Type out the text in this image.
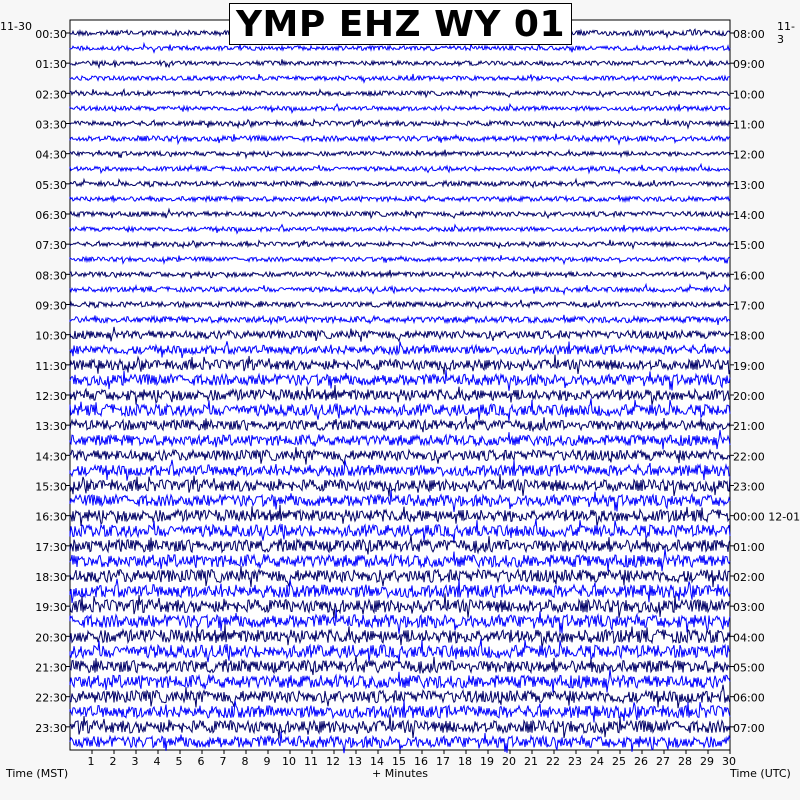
1 2 3 4 5 6 7 8 9 10 11 12 13 14 15 16 17 18 19 20 21 22 23 24 25 26 27 28 29 30
00:30
01:30
02:30
03:30
04:30
05:30
06:30
07:30
08:30
09:30
10:30
11:30
12:30
13:30
14:30
15:30
16:30
17:30
18:30
19:30
20:30
21:30
22:30
23:30
08:00
09:00
10:00
11:00
12:00
13:00
14:00
15:00
16:00
17:00
18:00
19:00
20:00
21:00
22:00
23:00
00:00 12-01
01:00
02:00
03:00
04:00
05:00
06:00
07:00
YMP EHZ WY 01
11-30	11-3
Time (MST)	+ Minutes	Time (UTC)
